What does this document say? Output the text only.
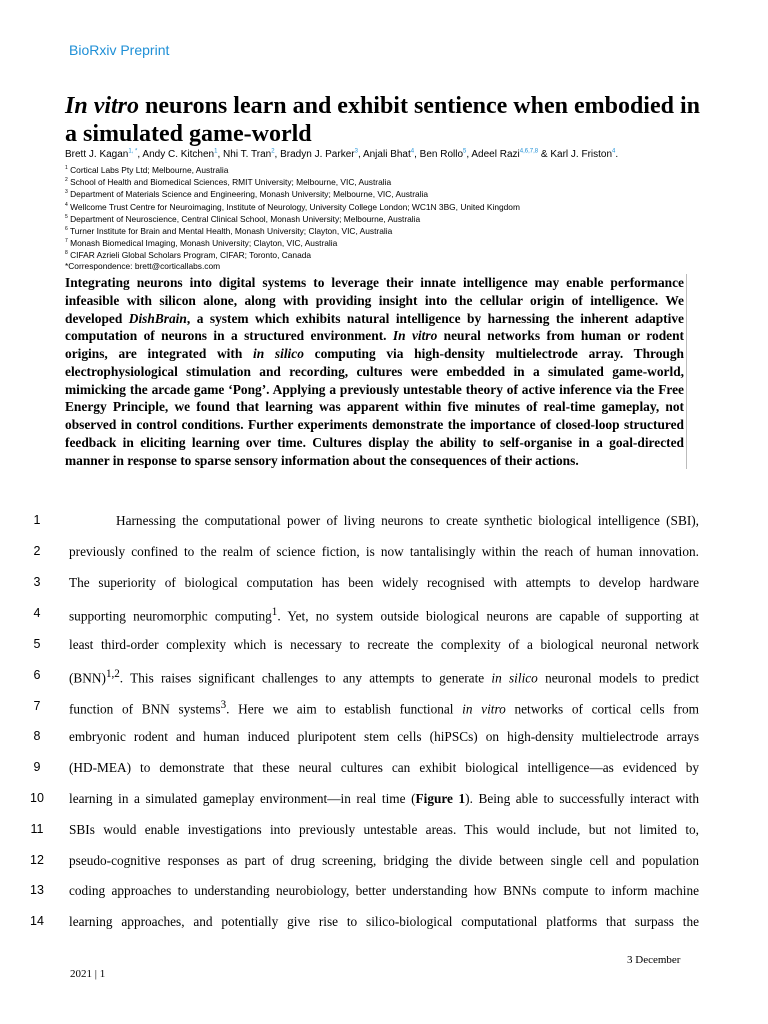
BioRxiv Preprint
In vitro neurons learn and exhibit sentience when embodied in a simulated game-world
Brett J. Kagan$^{1, *}$, Andy C. Kitchen$^1$, Nhi T. Tran$^2$, Bradyn J. Parker$^3$, Anjali Bhat$^4$, Ben Rollo$^5$, Adeel Razi$^{4,6,7,8}$ & Karl J. Friston$^4$.
$^1$ Cortical Labs Pty Ltd; Melbourne, Australia
$^2$ School of Health and Biomedical Sciences, RMIT University; Melbourne, VIC, Australia
$^3$ Department of Materials Science and Engineering, Monash University; Melbourne, VIC, Australia
$^4$ Wellcome Trust Centre for Neuroimaging, Institute of Neurology, University College London; WC1N 3BG, United Kingdom
$^5$ Department of Neuroscience, Central Clinical School, Monash University; Melbourne, Australia
$^6$ Turner Institute for Brain and Mental Health, Monash University; Clayton, VIC, Australia
$^7$ Monash Biomedical Imaging, Monash University; Clayton, VIC, Australia
$^8$ CIFAR Azrieli Global Scholars Program, CIFAR; Toronto, Canada
*Correspondence: brett@corticallabs.com

Integrating neurons into digital systems to leverage their innate intelligence may enable performance infeasible with silicon alone, along with providing insight into the cellular origin of intelligence. We developed DishBrain, a system which exhibits natural intelligence by harnessing the inherent adaptive computation of neurons in a structured environment. In vitro neural networks from human or rodent origins, are integrated with in silico computing via high-density multielectrode array. Through electrophysiological stimulation and recording, cultures were embedded in a simulated game-world, mimicking the arcade game ‘Pong’. Applying a previously untestable theory of active inference via the Free Energy Principle, we found that learning was apparent within five minutes of real-time gameplay, not observed in control conditions. Further experiments demonstrate the importance of closed-loop structured feedback in eliciting learning over time. Cultures display the ability to self-organise in a goal-directed manner in response to sparse sensory information about the consequences of their actions.

1	Harnessing the computational power of living neurons to create synthetic biological intelligence (SBI),
2	previously confined to the realm of science fiction, is now tantalisingly within the reach of human innovation.
3	The superiority of biological computation has been widely recognised with attempts to develop hardware
4	supporting neuromorphic computing$^1$. Yet, no system outside biological neurons are capable of supporting at
5	least third-order complexity which is necessary to recreate the complexity of a biological neuronal network
6	(BNN)$^{1,2}$. This raises significant challenges to any attempts to generate in silico neuronal models to predict
7	function of BNN systems$^3$. Here we aim to establish functional in vitro networks of cortical cells from
8	embryonic rodent and human induced pluripotent stem cells (hiPSCs) on high-density multielectrode arrays
9	(HD-MEA) to demonstrate that these neural cultures can exhibit biological intelligence—as evidenced by
10	learning in a simulated gameplay environment—in real time (Figure 1). Being able to successfully interact with
11	SBIs would enable investigations into previously untestable areas. This would include, but not limited to,
12	pseudo-cognitive responses as part of drug screening, bridging the divide between single cell and population
13	coding approaches to understanding neurobiology, better understanding how BNNs compute to inform machine
14	learning approaches, and potentially give rise to silico-biological computational platforms that surpass the
3 December
2021 | 1
